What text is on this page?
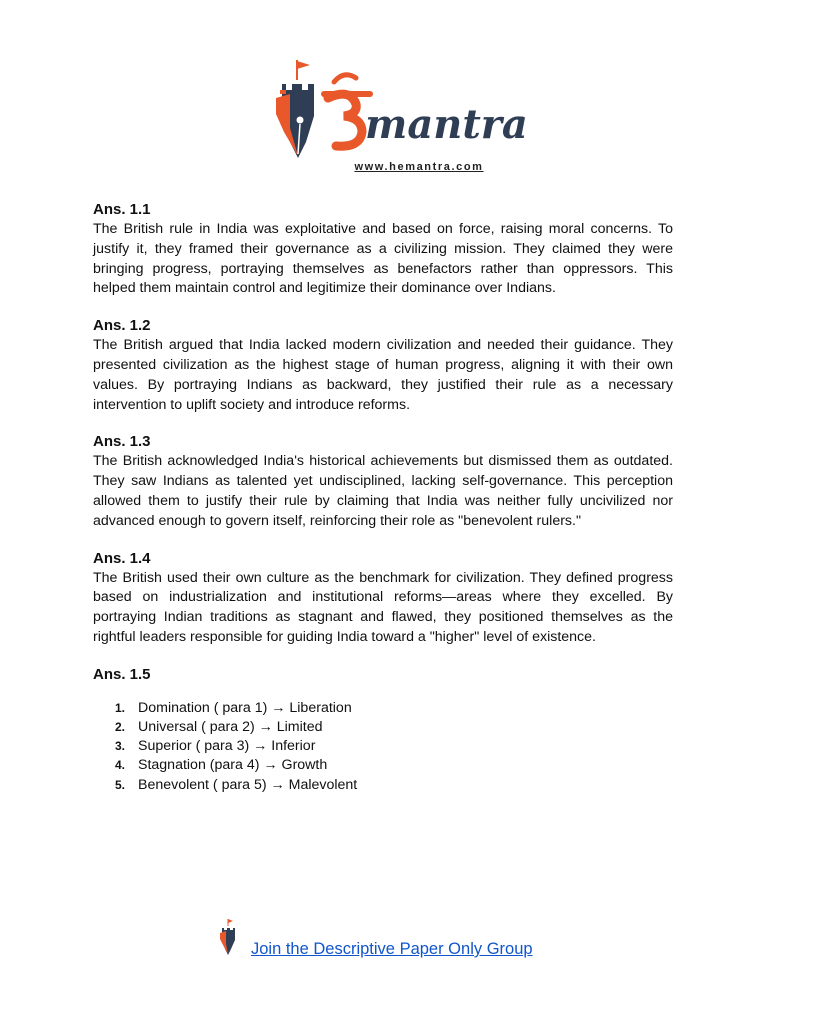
mantra
www.hemantra.com

Ans. 1.1

The British rule in India was exploitative and based on force, raising moral concerns. To justify it, they framed their governance as a civilizing mission. They claimed they were bringing progress, portraying themselves as benefactors rather than oppressors. This helped them maintain control and legitimize their dominance over Indians.

Ans. 1.2

The British argued that India lacked modern civilization and needed their guidance. They presented civilization as the highest stage of human progress, aligning it with their own values. By portraying Indians as backward, they justified their rule as a necessary intervention to uplift society and introduce reforms.

Ans. 1.3

The British acknowledged India's historical achievements but dismissed them as outdated. They saw Indians as talented yet undisciplined, lacking self-governance. This perception allowed them to justify their rule by claiming that India was neither fully uncivilized nor advanced enough to govern itself, reinforcing their role as "benevolent rulers."

Ans. 1.4

The British used their own culture as the benchmark for civilization. They defined progress based on industrialization and institutional reforms—areas where they excelled. By portraying Indian traditions as stagnant and flawed, they positioned themselves as the rightful leaders responsible for guiding India toward a "higher" level of existence.

Ans. 1.5

1. Domination ( para 1) → Liberation
2. Universal ( para 2) → Limited
3. Superior ( para 3) → Inferior
4. Stagnation (para 4) → Growth
5. Benevolent ( para 5) → Malevolent
Join the Descriptive Paper Only Group
